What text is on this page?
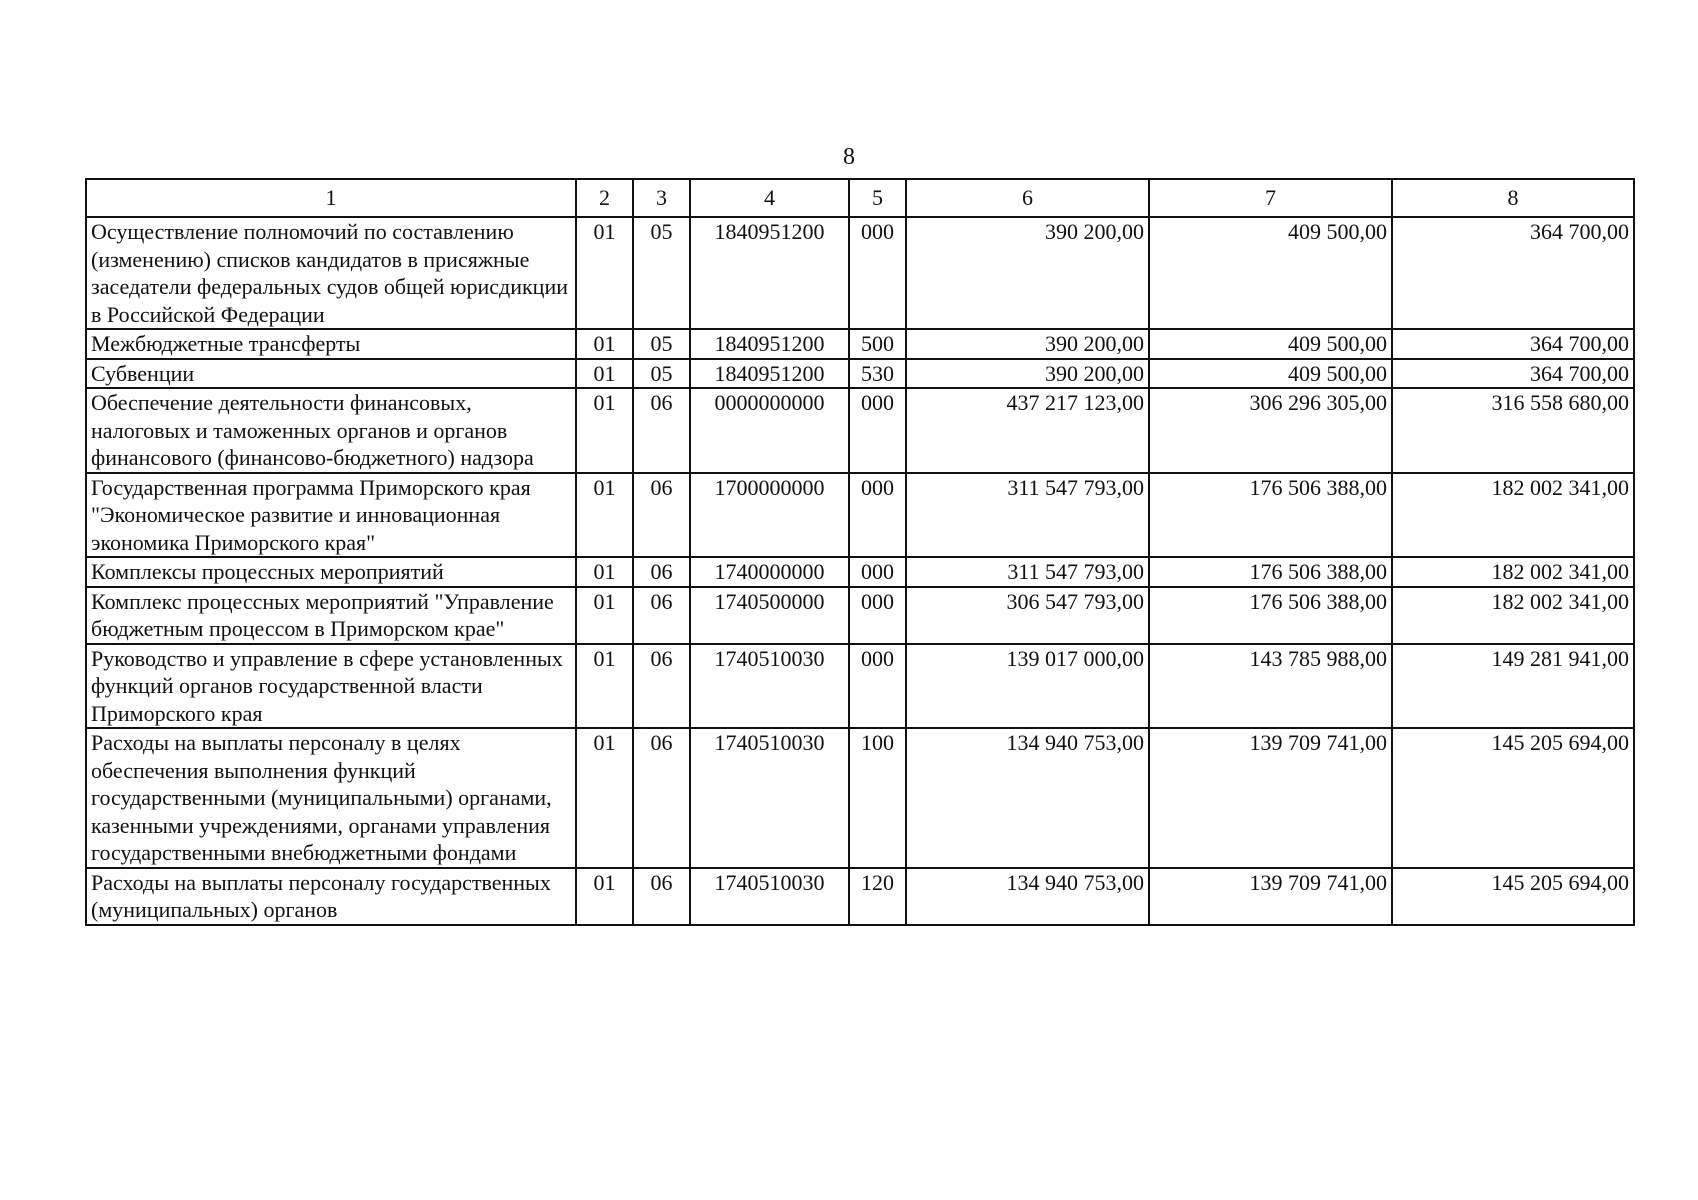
8
1	2	3	4	5	6	7	8
Осуществление полномочий по составлению (изменению) списков кандидатов в присяжные заседатели федеральных судов общей юрисдикции в Российской Федерации	01	05	1840951200	000	390 200,00	409 500,00	364 700,00
Межбюджетные трансферты	01	05	1840951200	500	390 200,00	409 500,00	364 700,00
Субвенции	01	05	1840951200	530	390 200,00	409 500,00	364 700,00
Обеспечение деятельности финансовых, налоговых и таможенных органов и органов финансового (финансово-бюджетного) надзора	01	06	0000000000	000	437 217 123,00	306 296 305,00	316 558 680,00
Государственная программа Приморского края "Экономическое развитие и инновационная экономика Приморского края"	01	06	1700000000	000	311 547 793,00	176 506 388,00	182 002 341,00
Комплексы процессных мероприятий	01	06	1740000000	000	311 547 793,00	176 506 388,00	182 002 341,00
Комплекс процессных мероприятий "Управление бюджетным процессом в Приморском крае"	01	06	1740500000	000	306 547 793,00	176 506 388,00	182 002 341,00
Руководство и управление в сфере установленных функций органов государственной власти Приморского края	01	06	1740510030	000	139 017 000,00	143 785 988,00	149 281 941,00
Расходы на выплаты персоналу в целях обеспечения выполнения функций государственными (муниципальными) органами, казенными учреждениями, органами управления государственными внебюджетными фондами	01	06	1740510030	100	134 940 753,00	139 709 741,00	145 205 694,00
Расходы на выплаты персоналу государственных (муниципальных) органов	01	06	1740510030	120	134 940 753,00	139 709 741,00	145 205 694,00
